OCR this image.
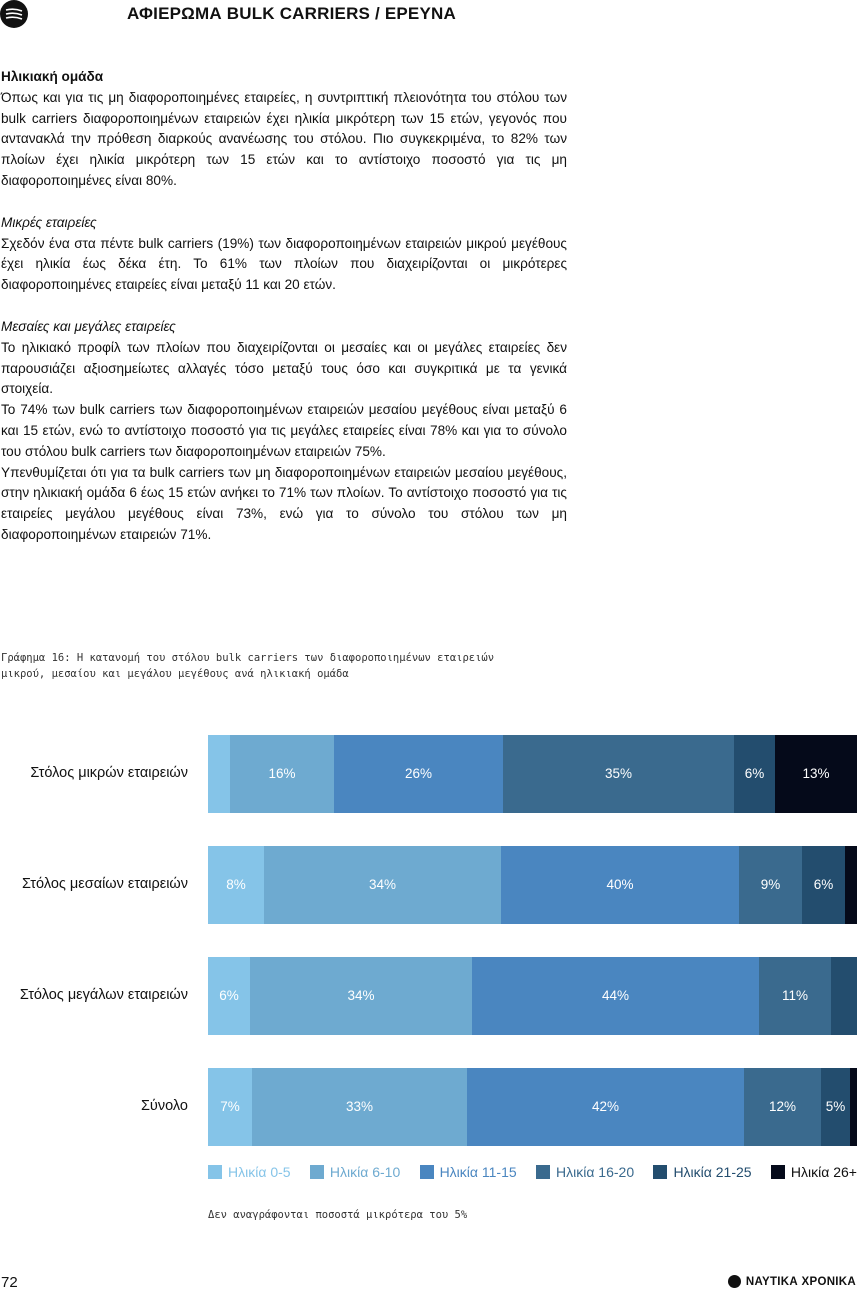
ΑΦΙΕΡΩΜΑ BULK CARRIERS / ΕΡΕΥΝΑ

Ηλικιακή ομάδα

Όπως και για τις μη διαφοροποιημένες εταιρείες, η συντριπτική πλειονότητα του στόλου των bulk carriers διαφοροποιημένων εταιρειών έχει ηλικία μικρότερη των 15 ετών, γεγονός που αντανακλά την πρόθεση διαρκούς ανανέωσης του στόλου. Πιο συγκεκριμένα, το 82% των πλοίων έχει ηλικία μικρότερη των 15 ετών και το αντίστοιχο ποσοστό για τις μη διαφοροποιημένες είναι 80%.

Μικρές εταιρείες

Σχεδόν ένα στα πέντε bulk carriers (19%) των διαφοροποιημένων εταιρειών μικρού μεγέθους έχει ηλικία έως δέκα έτη. Το 61% των πλοίων που διαχειρίζονται οι μικρότερες διαφοροποιημένες εταιρείες είναι μεταξύ 11 και 20 ετών.

Μεσαίες και μεγάλες εταιρείες

Το ηλικιακό προφίλ των πλοίων που διαχειρίζονται οι μεσαίες και οι μεγάλες εταιρείες δεν παρουσιάζει αξιοσημείωτες αλλαγές τόσο μεταξύ τους όσο και συγκριτικά με τα γενικά στοιχεία.

Το 74% των bulk carriers των διαφοροποιημένων εταιρειών μεσαίου μεγέθους είναι μεταξύ 6 και 15 ετών, ενώ το αντίστοιχο ποσοστό για τις μεγάλες εταιρείες είναι 78% και για το σύνολο του στόλου bulk carriers των διαφοροποιημένων εταιρειών 75%.

Υπενθυμίζεται ότι για τα bulk carriers των μη διαφοροποιημένων εταιρειών μεσαίου μεγέθους, στην ηλικιακή ομάδα 6 έως 15 ετών ανήκει το 71% των πλοίων. Το αντίστοιχο ποσοστό για τις εταιρείες μεγάλου μεγέθους είναι 73%, ενώ για το σύνολο του στόλου των μη διαφοροποιημένων εταιρειών 71%.

Γράφημα 16: Η κατανομή του στόλου bulk carriers των διαφοροποιημένων εταιρειών μικρού, μεσαίου και μεγάλου μεγέθους ανά ηλικιακή ομάδα
Στόλος μικρών εταιρειών	16%	26%	35%	6%	13%
Στόλος μεσαίων εταιρειών	8%	34%	40%	9%	6%
Στόλος μεγάλων εταιρειών	6%	34%	44%	11%
Σύνολο	7%	33%	42%	12%	5%
Ηλικία 0-5	Ηλικία 6-10	Ηλικία 11-15	Ηλικία 16-20	Ηλικία 21-25	Ηλικία 26+
Δεν αναγράφονται ποσοστά μικρότερα του 5%
72	ΝΑΥΤΙΚΑ ΧΡΟΝΙΚΑ
